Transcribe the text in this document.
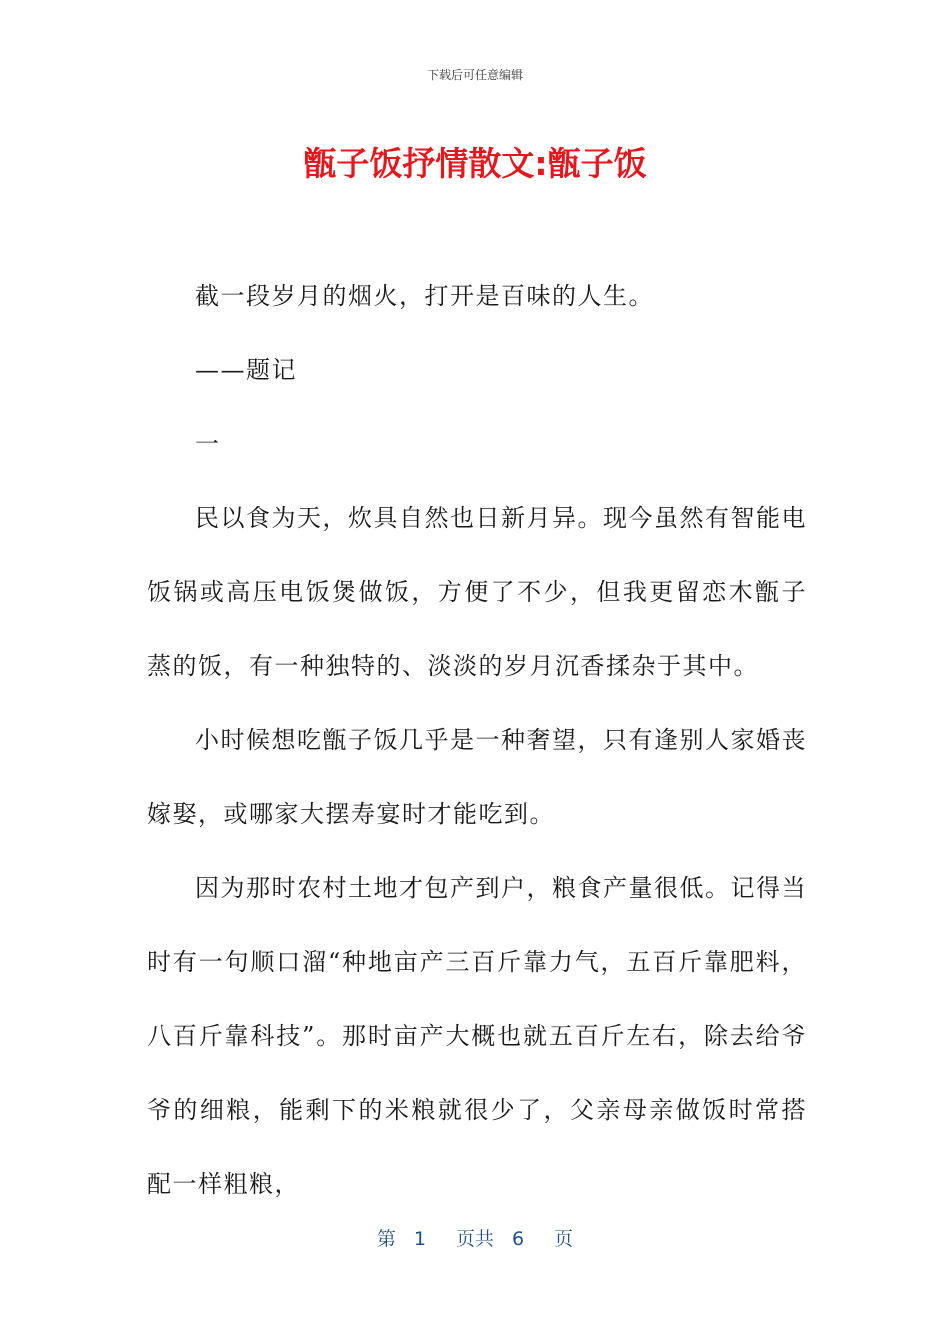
下载后可任意编辑
甑子饭抒情散文:甑子饭

截一段岁月的烟火，打开是百味的人生。

——题记

一

民以食为天，炊具自然也日新月异。现今虽然有智能电饭锅或高压电饭煲做饭，方便了不少，但我更留恋木甑子蒸的饭，有一种独特的、淡淡的岁月沉香揉杂于其中。

小时候想吃甑子饭几乎是一种奢望，只有逢别人家婚丧嫁娶，或哪家大摆寿宴时才能吃到。

因为那时农村土地才包产到户，粮食产量很低。记得当时有一句顺口溜“种地亩产三百斤靠力气，五百斤靠肥料，八百斤靠科技”。那时亩产大概也就五百斤左右，除去给爷爷的细粮，能剩下的米粮就很少了，父亲母亲做饭时常搭配一样粗粮，

第 1 页共 6 页
